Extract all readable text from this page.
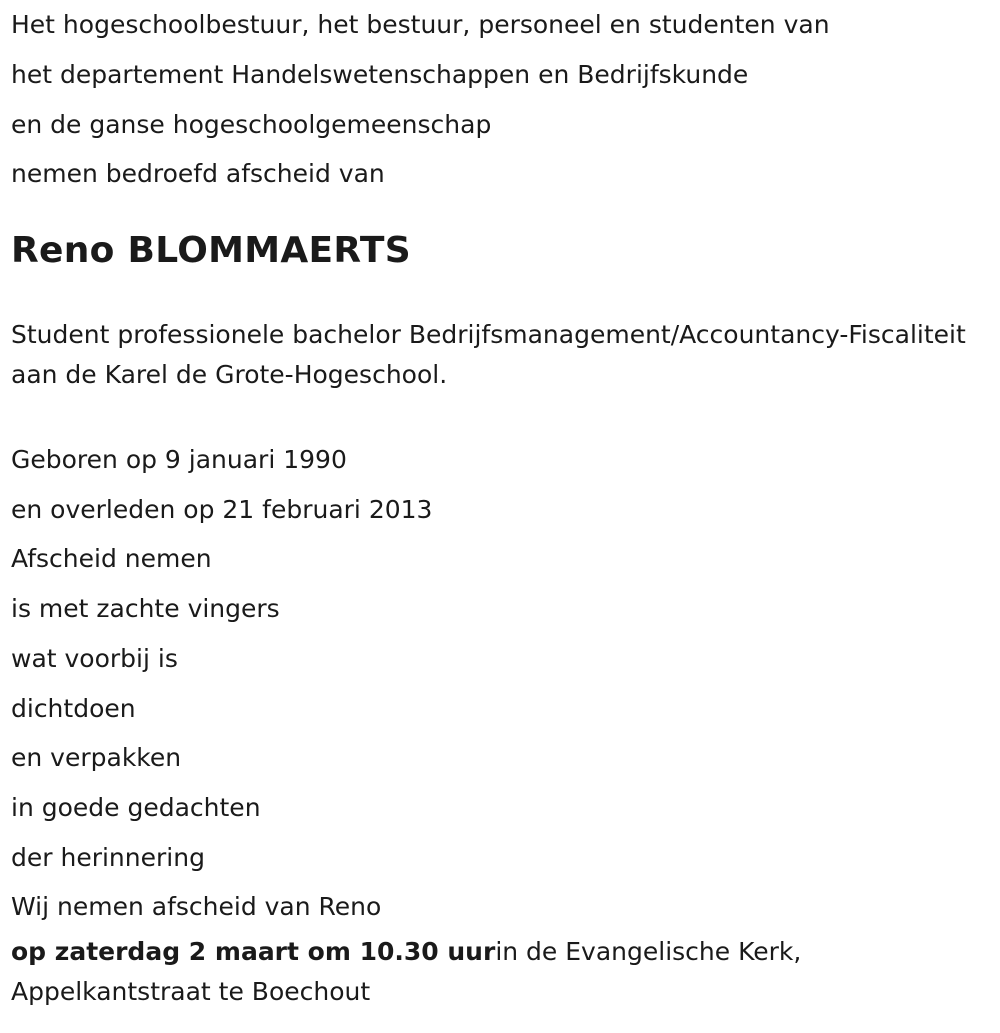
Het hogeschoolbestuur, het bestuur, personeel en studenten van
het departement Handelswetenschappen en Bedrijfskunde
en de ganse hogeschoolgemeenschap
nemen bedroefd afscheid van
Reno BLOMMAERTS
Student professionele bachelor Bedrijfsmanagement/Accountancy-Fiscaliteit aan de Karel de Grote-Hogeschool.
Geboren op 9 januari 1990
en overleden op 21 februari 2013
Afscheid nemen
is met zachte vingers
wat voorbij is
dichtdoen
en verpakken
in goede gedachten
der herinnering
Wij nemen afscheid van Reno
op zaterdag 2 maart om 10.30 uurin de Evangelische Kerk, Appelkantstraat te Boechout
